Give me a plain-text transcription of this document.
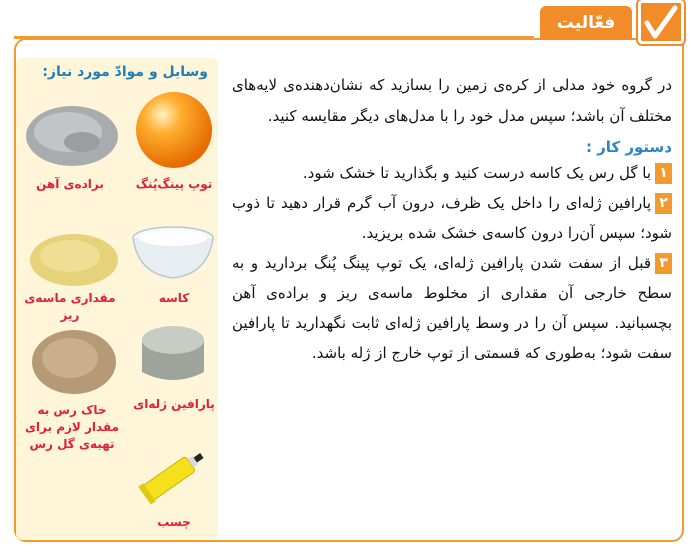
فعّالیت
وسایل و موادّ مورد نیاز:
توپ پینگ‌پُنگ
براده‌ی آهن
کاسه
مقداری ماسه‌ی ریز
پارافین ژله‌ای
خاک رس به مقدار لازم برای تهیه‌ی گل رس
چسب

در گروه خود مدلی از کره‌ی زمین را بسازید که نشان‌دهنده‌ی لایه‌های مختلف آن باشد؛ سپس مدل خود را با مدل‌های دیگر مقایسه کنید.

دستور کار :

۱با گل رس یک کاسه درست کنید و بگذارید تا خشک شود.

۲پارافین ژله‌ای را داخل یک ظرف، درون آب گرم قرار دهید تا ذوب شود؛ سپس آن‌را درون کاسه‌ی خشک شده بریزید.

۳قبل از سفت شدن پارافین ژله‌ای، یک توپ پینگ پُنگ بردارید و به سطح خارجی آن مقداری از مخلوط ماسه‌ی ریز و براده‌ی آهن بچسبانید. سپس آن را در وسط پارافین ژله‌ای ثابت نگهدارید تا پارافین سفت شود؛ به‌طوری که قسمتی از توپ خارج از ژله باشد.
